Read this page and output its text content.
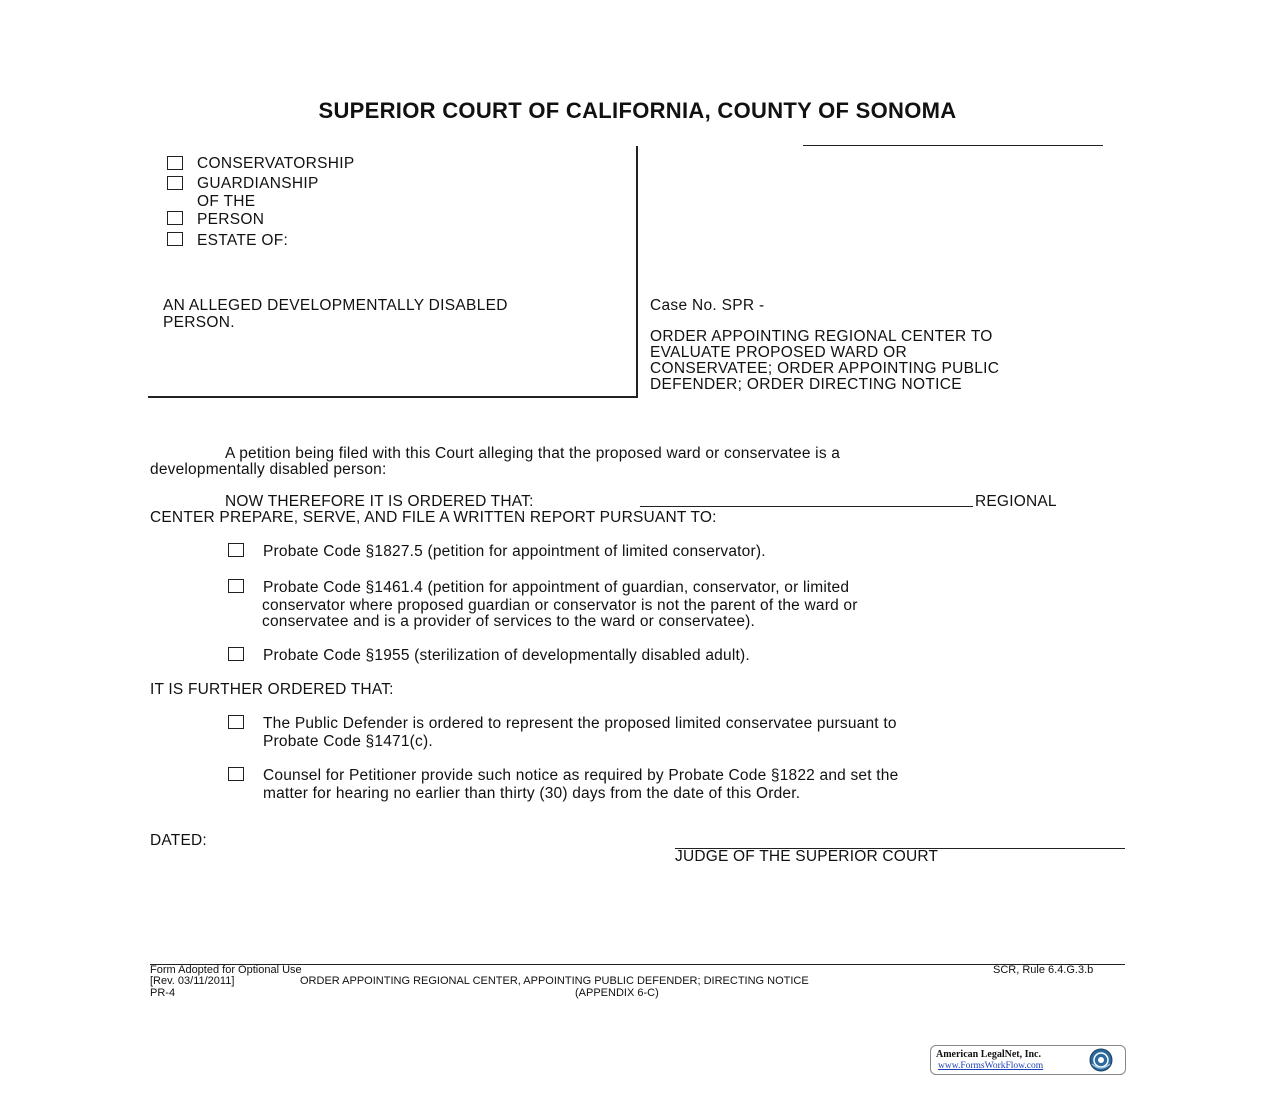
SUPERIOR COURT OF CALIFORNIA, COUNTY OF SONOMA
CONSERVATORSHIP
GUARDIANSHIP
OF THE
PERSON
ESTATE OF:
AN ALLEGED DEVELOPMENTALLY DISABLED
PERSON.
Case No. SPR -
ORDER APPOINTING REGIONAL CENTER TO
EVALUATE PROPOSED WARD OR
CONSERVATEE; ORDER APPOINTING PUBLIC
DEFENDER; ORDER DIRECTING NOTICE
A petition being filed with this Court alleging that the proposed ward or conservatee is a
developmentally disabled person:
NOW THEREFORE IT IS ORDERED THAT:	REGIONAL
CENTER PREPARE, SERVE, AND FILE A WRITTEN REPORT PURSUANT TO:
Probate Code §1827.5 (petition for appointment of limited conservator).
Probate Code §1461.4 (petition for appointment of guardian, conservator, or limited
conservator where proposed guardian or conservator is not the parent of the ward or
conservatee and is a provider of services to the ward or conservatee).
Probate Code §1955 (sterilization of developmentally disabled adult).
IT IS FURTHER ORDERED THAT:
The Public Defender is ordered to represent the proposed limited conservatee pursuant to
Probate Code §1471(c).
Counsel for Petitioner provide such notice as required by Probate Code §1822 and set the
matter for hearing no earlier than thirty (30) days from the date of this Order.
DATED:
JUDGE OF THE SUPERIOR COURT
Form Adopted for Optional Use	SCR, Rule 6.4.G.3.b
[Rev. 03/11/2011]	ORDER APPOINTING REGIONAL CENTER, APPOINTING PUBLIC DEFENDER; DIRECTING NOTICE
PR-4	(APPENDIX 6-C)
American LegalNet, Inc.
www.FormsWorkFlow.com
